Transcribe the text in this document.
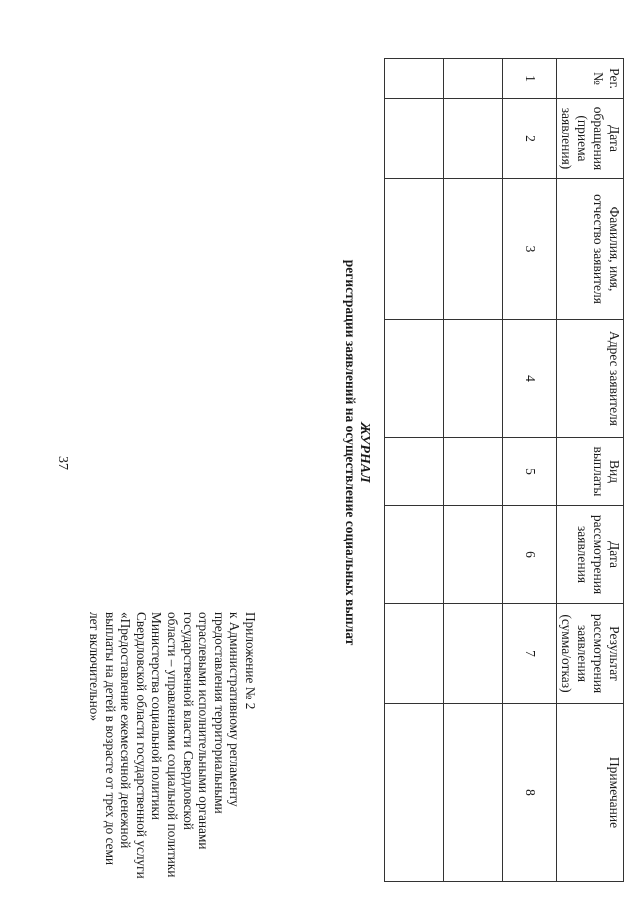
37
Приложение № 2
к Административному регламенту
предоставления территориальными
отраслевыми исполнительными органами
государственной власти Свердловской
области – управлениями социальной политики
Министерства социальной политики
Свердловской области государственной услуги
«Предоставление ежемесячной денежной
выплаты на детей в возрасте от трех до семи
лет включительно»
ЖУРНАЛ
регистрации заявлений на осуществление социальных выплат
Рег. №	Дата обращения (приема заявления)	Фамилия, имя, отчество заявителя	Адрес заявителя	Вид выплаты	Дата рассмотрения заявления	Результат рассмотрения заявления (сумма/отказ)	Примечание
1	2	3	4	5	6	7	8
